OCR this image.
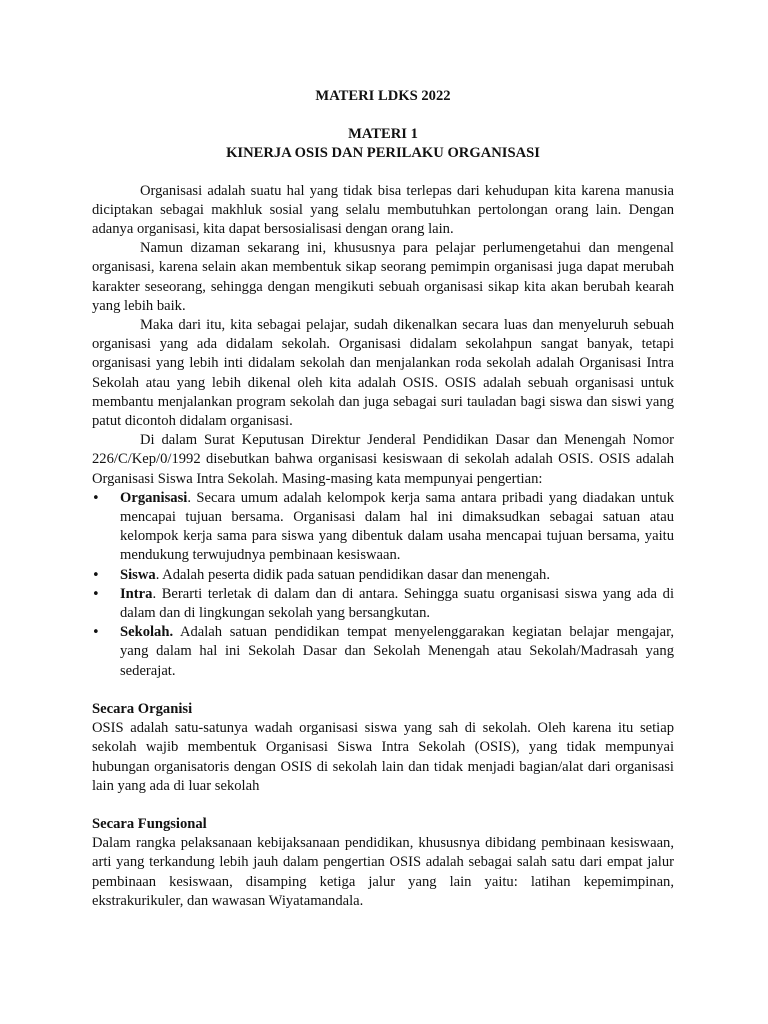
MATERI LDKS 2022
MATERI 1
KINERJA OSIS DAN PERILAKU ORGANISASI

Organisasi adalah suatu hal yang tidak bisa terlepas dari kehudupan kita karena manusia diciptakan sebagai makhluk sosial yang selalu membutuhkan pertolongan orang lain. Dengan adanya organisasi, kita dapat bersosialisasi dengan orang lain.

Namun dizaman sekarang ini, khususnya para pelajar perlumengetahui dan mengenal organisasi, karena selain akan membentuk sikap seorang pemimpin organisasi juga dapat merubah karakter seseorang, sehingga dengan mengikuti sebuah organisasi sikap kita akan berubah kearah yang lebih baik.

Maka dari itu, kita sebagai pelajar, sudah dikenalkan secara luas dan menyeluruh sebuah organisasi yang ada didalam sekolah. Organisasi didalam sekolahpun sangat banyak, tetapi organisasi yang lebih inti didalam sekolah dan menjalankan roda sekolah adalah Organisasi Intra Sekolah atau yang lebih dikenal oleh kita adalah OSIS. OSIS adalah sebuah organisasi untuk membantu menjalankan program sekolah dan juga sebagai suri tauladan bagi siswa dan siswi yang patut dicontoh didalam organisasi.

Di dalam Surat Keputusan Direktur Jenderal Pendidikan Dasar dan Menengah Nomor 226/C/Kep/0/1992 disebutkan bahwa organisasi kesiswaan di sekolah adalah OSIS. OSIS adalah Organisasi Siswa Intra Sekolah. Masing-masing kata mempunyai pengertian:

• Organisasi. Secara umum adalah kelompok kerja sama antara pribadi yang diadakan untuk mencapai tujuan bersama. Organisasi dalam hal ini dimaksudkan sebagai satuan atau kelompok kerja sama para siswa yang dibentuk dalam usaha mencapai tujuan bersama, yaitu mendukung terwujudnya pembinaan kesiswaan.
• Siswa. Adalah peserta didik pada satuan pendidikan dasar dan menengah.
• Intra. Berarti terletak di dalam dan di antara. Sehingga suatu organisasi siswa yang ada di dalam dan di lingkungan sekolah yang bersangkutan.
• Sekolah. Adalah satuan pendidikan tempat menyelenggarakan kegiatan belajar mengajar, yang dalam hal ini Sekolah Dasar dan Sekolah Menengah atau Sekolah/Madrasah yang sederajat.
Secara Organisi

OSIS adalah satu-satunya wadah organisasi siswa yang sah di sekolah. Oleh karena itu setiap sekolah wajib membentuk Organisasi Siswa Intra Sekolah (OSIS), yang tidak mempunyai hubungan organisatoris dengan OSIS di sekolah lain dan tidak menjadi bagian/alat dari organisasi lain yang ada di luar sekolah

Secara Fungsional

Dalam rangka pelaksanaan kebijaksanaan pendidikan, khususnya dibidang pembinaan kesiswaan, arti yang terkandung lebih jauh dalam pengertian OSIS adalah sebagai salah satu dari empat jalur pembinaan kesiswaan, disamping ketiga jalur yang lain yaitu: latihan kepemimpinan, ekstrakurikuler, dan wawasan Wiyatamandala.
